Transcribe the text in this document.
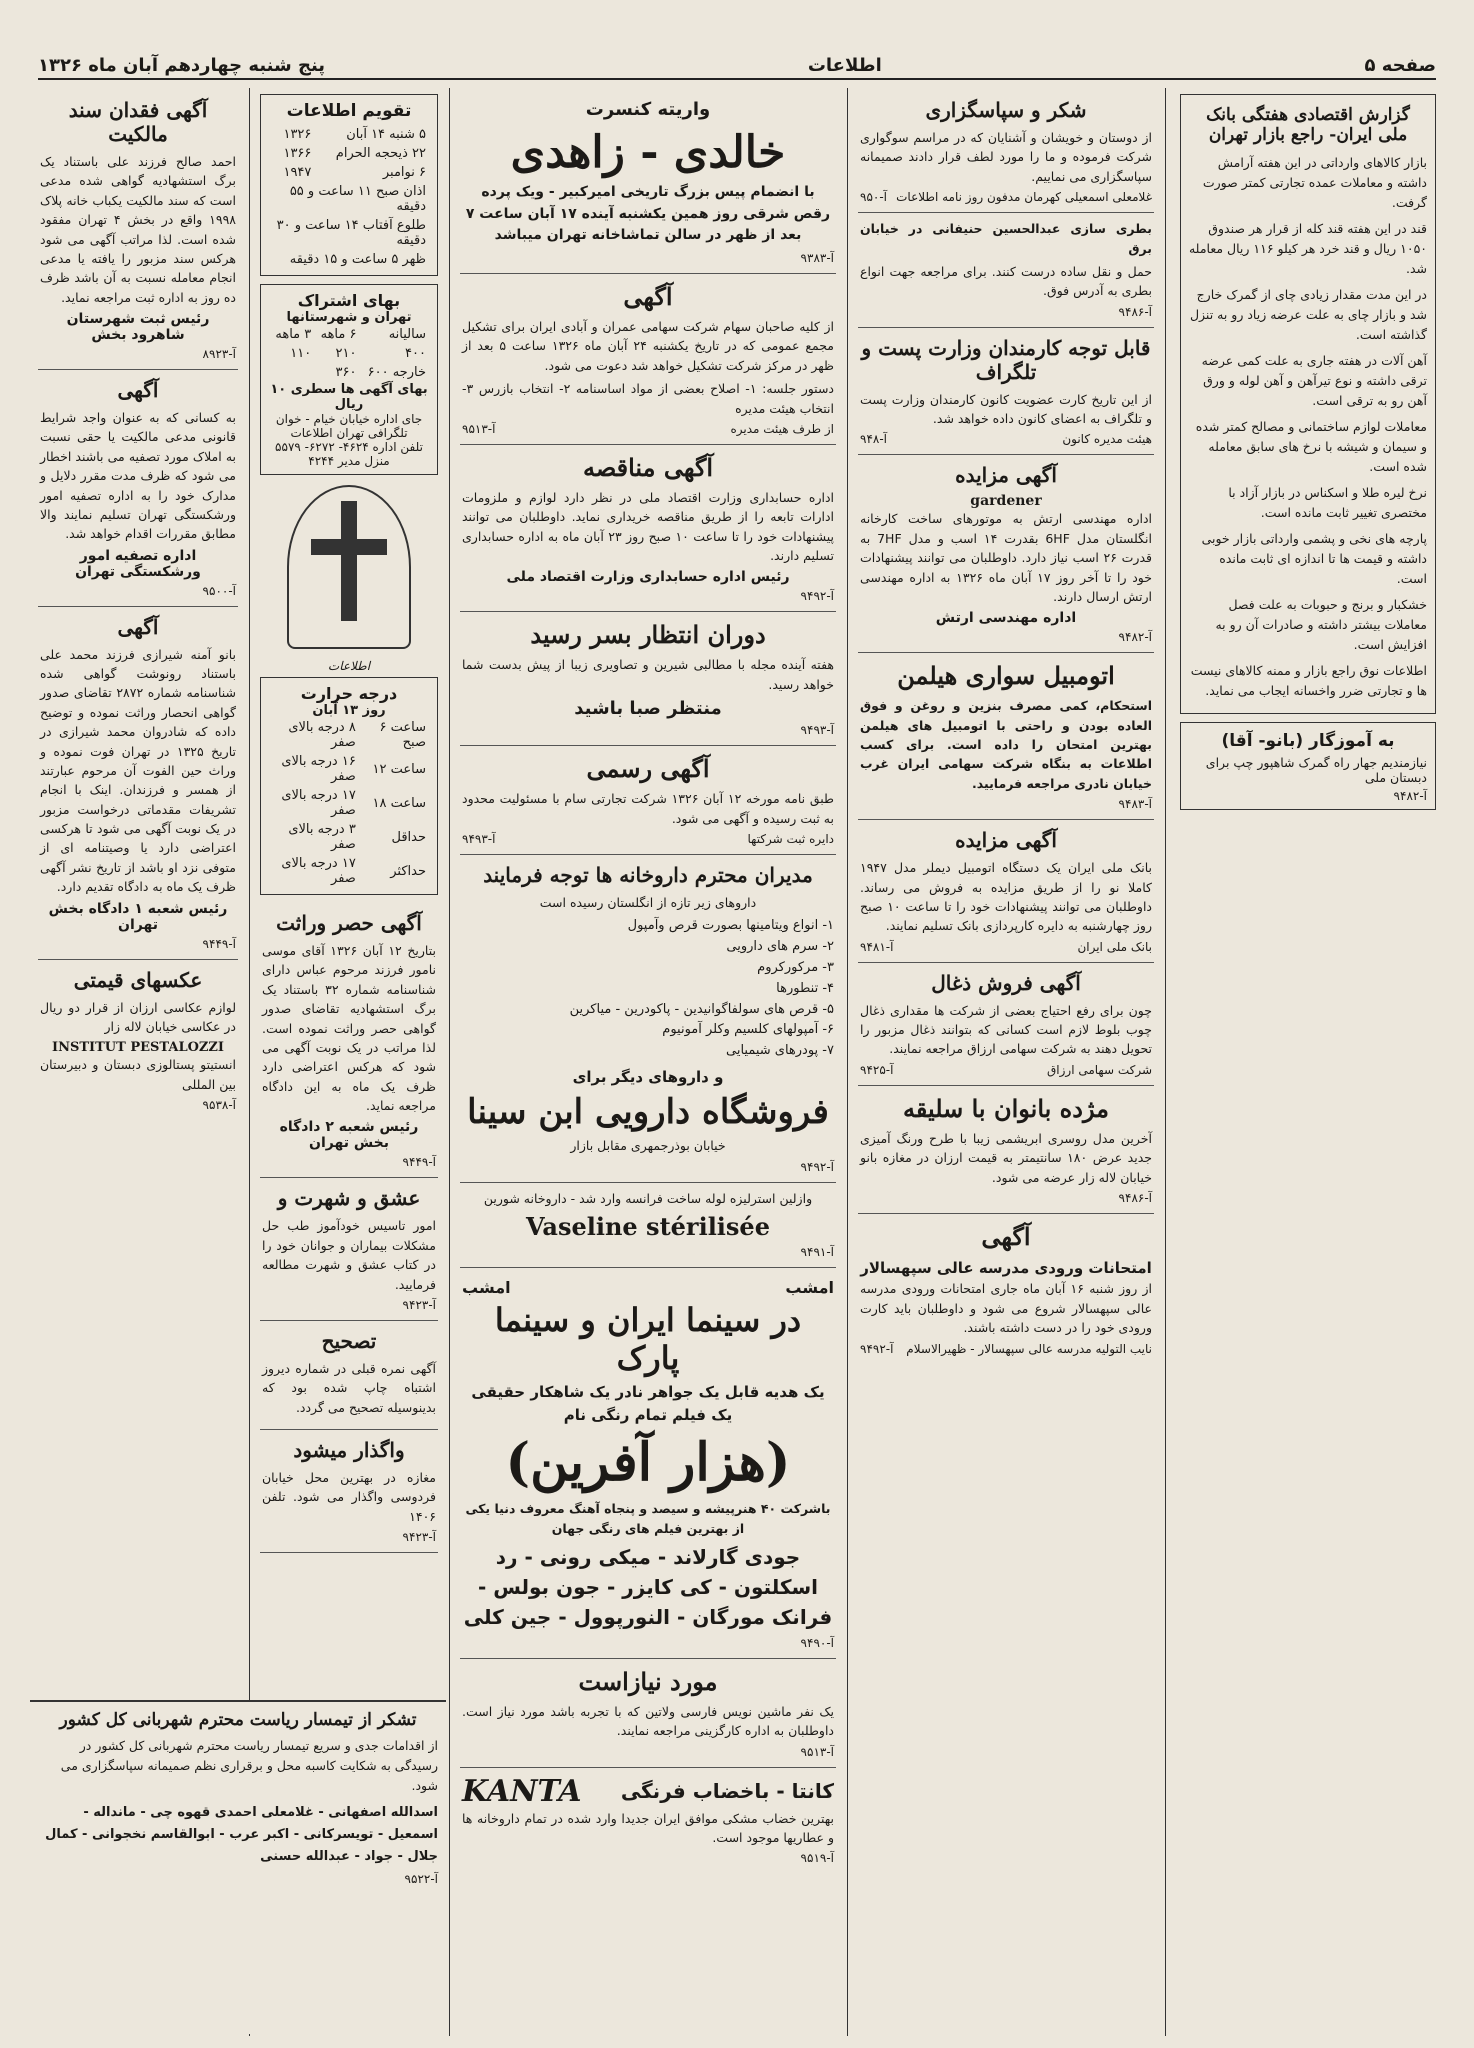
صفحه ۵
اطلاعات
پنج شنبه چهاردهم آبان ماه ۱۳۲۶
گزارش اقتصادی هفتگی بانک ملی ایران- راجع بازار تهران

بازار کالاهای وارداتی در این هفته آرامش داشته و معاملات عمده تجارتی کمتر صورت گرفت.

قند در این هفته قند کله از قرار هر صندوق ۱۰۵۰ ریال و قند خرد هر کیلو ۱۱۶ ریال معامله شد.

در این مدت مقدار زیادی چای از گمرک خارج شد و بازار چای به علت عرضه زیاد رو به تنزل گذاشته است.

آهن آلات در هفته جاری به علت کمی عرضه ترقی داشته و نوع تیرآهن و آهن لوله و ورق آهن رو به ترقی است.

معاملات لوازم ساختمانی و مصالح کمتر شده و سیمان و شیشه با نرخ های سابق معامله شده است.

نرخ لیره طلا و اسکناس در بازار آزاد با مختصری تغییر ثابت مانده است.

پارچه های نخی و پشمی وارداتی بازار خوبی داشته و قیمت ها تا اندازه ای ثابت مانده است.

خشکبار و برنج و حبوبات به علت فصل معاملات بیشتر داشته و صادرات آن رو به افزایش است.

اطلاعات نوق راجع بازار و ممنه کالاهای نیست ها و تجارتی ضرر واخسانه ایجاب می نماید.

به آموزگار (بانو- آقا)

نیازمندیم جهار راه گمرک شاهپور چپ برای دبستان ملی

آ-۹۴۸۲
شکر و سپاسگزاری

از دوستان و خویشان و آشنایان که در مراسم سوگواری شرکت فرموده و ما را مورد لطف قرار دادند صمیمانه سپاسگزاری می نماییم.

غلامعلی اسمعیلی کهرمان مدفون روز نامه اطلاعات
آ-۹۵۰

بطری سازی عبدالحسین حنیفانی در خیابان برق

حمل و نقل ساده درست کنند. برای مراجعه جهت انواع بطری به آدرس فوق.

آ-۹۴۸۶
قابل توجه کارمندان وزارت پست و تلگراف

از این تاریخ کارت عضویت کانون کارمندان وزارت پست و تلگراف به اعضای کانون داده خواهد شد.

هیئت مدیره کانون
آ-۹۴۸
آگهی مزایده
gardener

اداره مهندسی ارتش به موتورهای ساخت کارخانه انگلستان مدل 6HF بقدرت ۱۴ اسب و مدل 7HF به قدرت ۲۶ اسب نیاز دارد. داوطلبان می توانند پیشنهادات خود را تا آخر روز ۱۷ آبان ماه ۱۳۲۶ به اداره مهندسی ارتش ارسال دارند.

اداره مهندسی ارتش
آ-۹۴۸۲
اتومبیل سواری هیلمن

استحکام، کمی مصرف بنزین و روغن و فوق العاده بودن و راحتی با اتومبیل های هیلمن بهترین امتحان را داده است. برای کسب اطلاعات به بنگاه شرکت سهامی ایران غرب خیابان نادری مراجعه فرمایید.

آ-۹۴۸۳
آگهی مزایده

بانک ملی ایران یک دستگاه اتومبیل دیملر مدل ۱۹۴۷ کاملا نو را از طریق مزایده به فروش می رساند. داوطلبان می توانند پیشنهادات خود را تا ساعت ۱۰ صبح روز چهارشنبه به دایره کارپردازی بانک تسلیم نمایند.

بانک ملی ایران
آ-۹۴۸۱
آگهی فروش ذغال

چون برای رفع احتیاج بعضی از شرکت ها مقداری ذغال چوب بلوط لازم است کسانی که بتوانند ذغال مزبور را تحویل دهند به شرکت سهامی ارزاق مراجعه نمایند.

شرکت سهامی ارزاق
آ-۹۴۲۵
مژده بانوان با سلیقه

آخرین مدل روسری ابریشمی زیبا با طرح ورنگ آمیزی جدید عرض ۱۸۰ سانتیمتر به قیمت ارزان در مغازه بانو خیابان لاله زار عرضه می شود.

آ-۹۴۸۶
آگهی
امتحانات ورودی مدرسه عالی سپهسالار

از روز شنبه ۱۶ آبان ماه جاری امتحانات ورودی مدرسه عالی سپهسالار شروع می شود و داوطلبان باید کارت ورودی خود را در دست داشته باشند.

نایب التولیه مدرسه عالی سپهسالار - ظهیرالاسلام
آ-۹۴۹۲
واریته کنسرت
خالدی - زاهدی

با انضمام پیس بزرگ تاریخی امیرکبیر - ویک پرده رقص شرقی روز همین یکشنبه آینده ۱۷ آبان ساعت ۷ بعد از ظهر در سالن تماشاخانه تهران میباشد

آ-۹۳۸۳
آگهی

از کلیه صاحبان سهام شرکت سهامی عمران و آبادی ایران برای تشکیل مجمع عمومی که در تاریخ یکشنبه ۲۴ آبان ماه ۱۳۲۶ ساعت ۵ بعد از ظهر در مرکز شرکت تشکیل خواهد شد دعوت می شود.

دستور جلسه: ۱- اصلاح بعضی از مواد اساسنامه ۲- انتخاب بازرس ۳- انتخاب هیئت مدیره

از طرف هیئت مدیره
آ-۹۵۱۳
آگهی مناقصه

اداره حسابداری وزارت اقتصاد ملی در نظر دارد لوازم و ملزومات ادارات تابعه را از طریق مناقصه خریداری نماید. داوطلبان می توانند پیشنهادات خود را تا ساعت ۱۰ صبح روز ۲۳ آبان ماه به اداره حسابداری تسلیم دارند.

رئیس اداره حسابداری وزارت اقتصاد ملی
آ-۹۴۹۲
دوران انتظار بسر رسید

هفته آینده مجله با مطالبی شیرین و تصاویری زیبا از پیش بدست شما خواهد رسید.

منتظر صبا باشید
آ-۹۴۹۳
آگهی رسمی

طبق نامه مورخه ۱۲ آبان ۱۳۲۶ شرکت تجارتی سام با مسئولیت محدود به ثبت رسیده و آگهی می شود.

دایره ثبت شرکتها
آ-۹۴۹۳
مدیران محترم داروخانه ها توجه فرمایند

داروهای زیر تازه از انگلستان رسیده است

۱- انواع ویتامینها بصورت قرص وآمپول
۲- سرم های دارویی
۳- مرکورکروم
۴- تنطورها
۵- قرص های سولفاگوانیدین - پاکودرین - میاکرین
۶- آمپولهای کلسیم وکلر آمونیوم
۷- پودرهای شیمیایی
و داروهای دیگر برای
فروشگاه دارویی ابن سینا

خیابان بوذرجمهری مقابل بازار

آ-۹۴۹۲

وازلین استرلیزه لوله ساخت فرانسه وارد شد - داروخانه شورین

Vaseline stérilisée
آ-۹۴۹۱
امشب
امشب
در سینما ایران و سینما پارک
یک هدیه قابل یک جواهر نادر یک شاهکار حقیقی یک فیلم تمام رنگی نام
(هزار آفرین)

باشرکت ۴۰ هنرپیشه و سیصد و پنجاه آهنگ معروف دنیا یکی از بهترین فیلم های رنگی جهان

جودی گارلاند - میکی رونی - رد اسکلتون - کی کایزر - جون بولس - فرانک مورگان - النورپوول - جین کلی
آ-۹۴۹۰
مورد نیازاست

یک نفر ماشین نویس فارسی ولاتین که با تجربه باشد مورد نیاز است. داوطلبان به اداره کارگزینی مراجعه نمایند.

آ-۹۵۱۳
کانتا - باخضاب فرنگی
KANTA

بهترین خضاب مشکی موافق ایران جدیدا وارد شده در تمام داروخانه ها و عطاریها موجود است.

آ-۹۵۱۹
تقویم اطلاعات
۵ شنبه ۱۴ آبان	۱۳۲۶
۲۲ ذیحجه الحرام	۱۳۶۶
۶ نوامبر	۱۹۴۷
اذان صبح ۱۱ ساعت و ۵۵ دقیقه	
طلوع آفتاب ۱۴ ساعت و ۳۰ دقیقه	
ظهر ۵ ساعت و ۱۵ دقیقه	
بهای اشتراک
تهران و شهرستانها
ساليانه	۶ ماهه	۳ ماهه
۴۰۰	۲۱۰	۱۱۰
خارجه ۶۰۰	۳۶۰	
بهای آگهی ها سطری ۱۰ ریال
جای اداره خیابان خیام - خوان تلگرافی تهران اطلاعات
تلفن اداره ۴۶۲۴- ۶۲۷۲- ۵۵۷۹ منزل مدیر ۴۲۴۴
اطلاعات
درجه حرارت
روز ۱۳ آبان
ساعت ۶ صبح	۸ درجه بالای صفر
ساعت ۱۲	۱۶ درجه بالای صفر
ساعت ۱۸	۱۷ درجه بالای صفر
حداقل	۳ درجه بالای صفر
حداکثر	۱۷ درجه بالای صفر
آگهی حصر وراثت

بتاریخ ۱۲ آبان ۱۳۲۶ آقای موسی نامور فرزند مرحوم عباس دارای شناسنامه شماره ۳۲ باستناد یک برگ استشهادیه تقاضای صدور گواهی حصر وراثت نموده است. لذا مراتب در یک نوبت آگهی می شود که هرکس اعتراضی دارد ظرف یک ماه به این دادگاه مراجعه نماید.

رئیس شعبه ۲ دادگاه بخش تهران
آ-۹۴۴۹
عشق و شهرت و

امور تاسیس خودآموز طب حل مشکلات بیماران و جوانان خود را در کتاب عشق و شهرت مطالعه فرمایید.

آ-۹۴۲۳
تصحیح

آگهی نمره قبلی در شماره دیروز اشتباه چاپ شده بود که بدینوسیله تصحیح می گردد.

واگذار میشود

مغازه در بهترین محل خیابان فردوسی واگذار می شود. تلفن ۱۴۰۶

آ-۹۴۲۳
تشکر از تیمسار ریاست محترم شهربانی کل کشور

از اقدامات جدی و سریع تیمسار ریاست محترم شهربانی کل کشور در رسیدگی به شکایت کاسبه محل و برقراری نظم صمیمانه سپاسگزاری می شود.

اسدالله اصفهانی - غلامعلی احمدی قهوه چی - مانداله - اسمعیل - تویسرکانی - اکبر عرب - ابوالقاسم نخجوانی - کمال جلال - جواد - عبدالله حسنی

آ-۹۵۲۲
آگهی فقدان سند مالکیت

احمد صالح فرزند علی باستناد یک برگ استشهادیه گواهی شده مدعی است که سند مالکیت یکباب خانه پلاک ۱۹۹۸ واقع در بخش ۴ تهران مفقود شده است. لذا مراتب آگهی می شود هرکس سند مزبور را یافته یا مدعی انجام معامله نسبت به آن باشد ظرف ده روز به اداره ثبت مراجعه نماید.

رئیس ثبت شهرستان شاهرود بخش
آ-۸۹۲۳
آگهی

به کسانی که به عنوان واجد شرایط قانونی مدعی مالکیت یا حقی نسبت به املاک مورد تصفیه می باشند اخطار می شود که ظرف مدت مقرر دلایل و مدارک خود را به اداره تصفیه امور ورشکستگی تهران تسلیم نمایند والا مطابق مقررات اقدام خواهد شد.

اداره تصفیه امور ورشکستگی تهران
آ-۹۵۰۰
آگهی

بانو آمنه شیرازی فرزند محمد علی باستناد رونوشت گواهی شده شناسنامه شماره ۲۸۷۲ تقاضای صدور گواهی انحصار وراثت نموده و توضیح داده که شادروان محمد شیرازی در تاریخ ۱۳۲۵ در تهران فوت نموده و وراث حین الفوت آن مرحوم عبارتند از همسر و فرزندان. اینک با انجام تشریفات مقدماتی درخواست مزبور در یک نوبت آگهی می شود تا هرکسی اعتراضی دارد یا وصیتنامه ای از متوفی نزد او باشد از تاریخ نشر آگهی ظرف یک ماه به دادگاه تقدیم دارد.

رئیس شعبه ۱ دادگاه بخش تهران
آ-۹۴۴۹
عکسهای قیمتی

لوازم عکاسی ارزان از قرار دو ریال در عکاسی خیابان لاله زار

INSTITUT PESTALOZZI

انستیتو پستالوزی دبستان و دبیرستان بین المللی

آ-۹۵۳۸
